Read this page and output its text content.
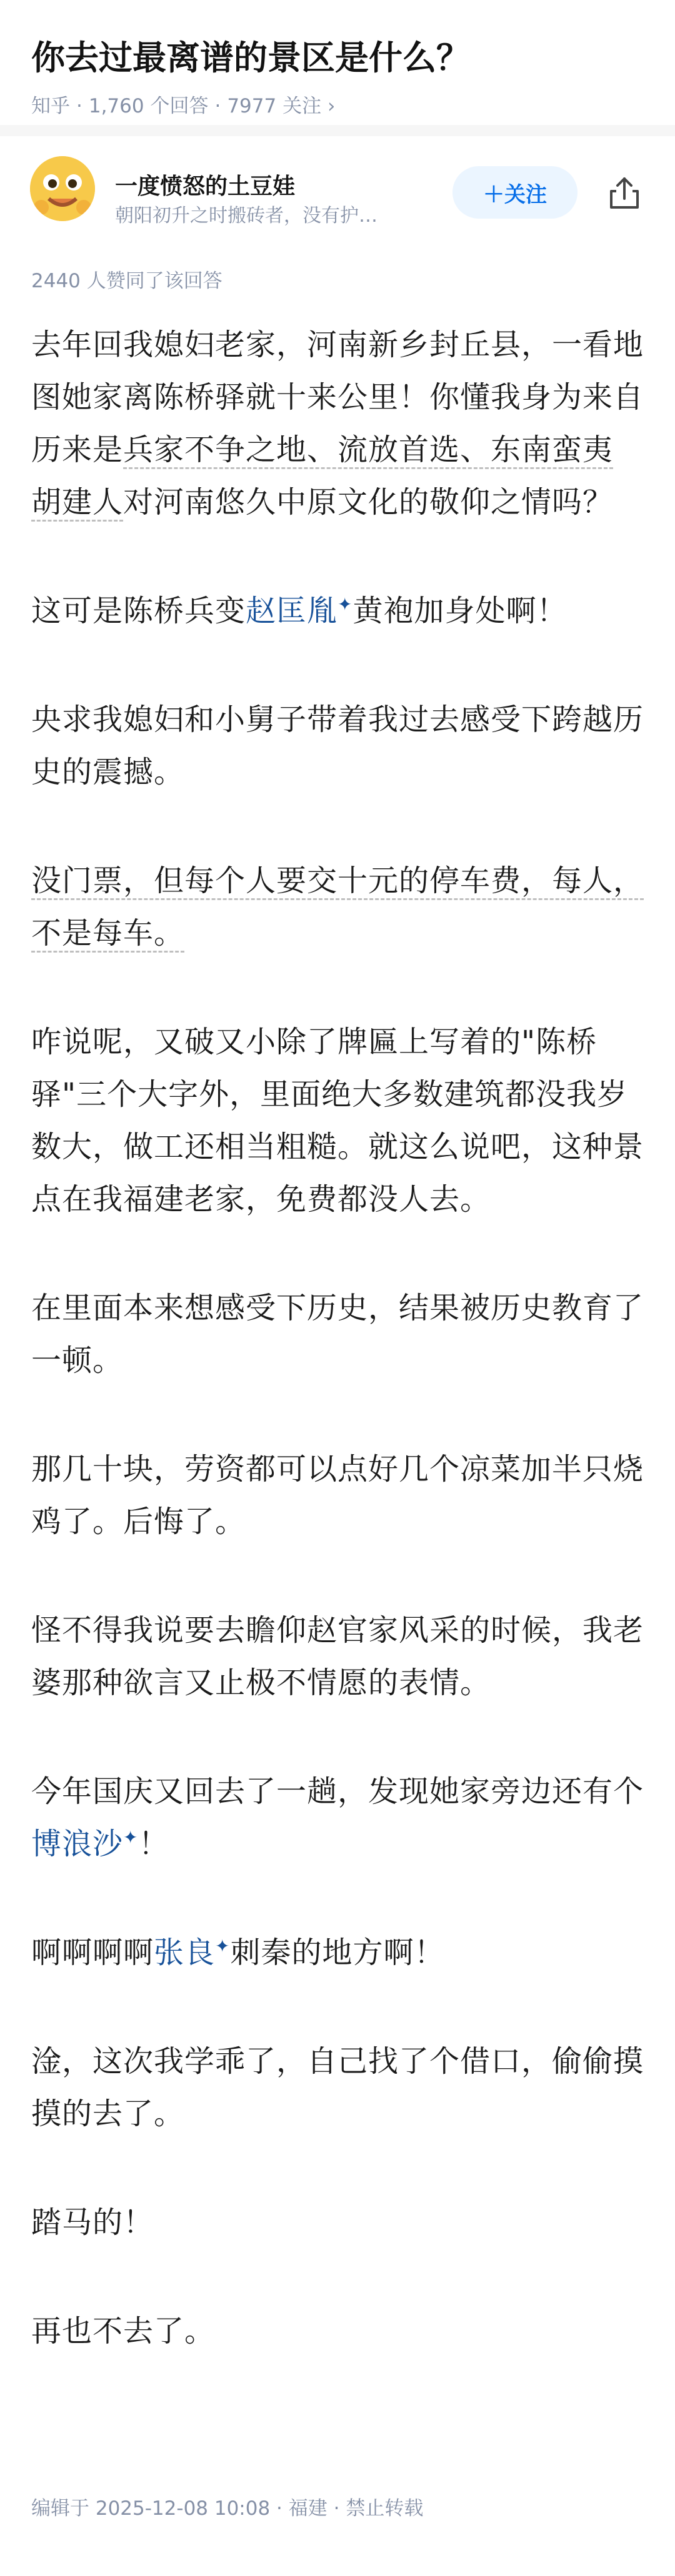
你去过最离谱的景区是什么？
知乎 · 1,760 个回答 · 7977 关注 ›
一度愤怒的土豆娃
朝阳初升之时搬砖者，没有护…
＋关注
2440 人赞同了该回答

去年回我媳妇老家，河南新乡封丘县，一看地图她家离陈桥驿就十来公里！你懂我身为来自历来是兵家不争之地、流放首选、东南蛮夷胡建人对河南悠久中原文化的敬仰之情吗？

这可是陈桥兵变赵匡胤✦黄袍加身处啊！

央求我媳妇和小舅子带着我过去感受下跨越历史的震撼。

没门票，但每个人要交十元的停车费，每人，不是每车。

咋说呢，又破又小除了牌匾上写着的"陈桥驿"三个大字外，里面绝大多数建筑都没我岁数大，做工还相当粗糙。就这么说吧，这种景点在我福建老家，免费都没人去。

在里面本来想感受下历史，结果被历史教育了一顿。

那几十块，劳资都可以点好几个凉菜加半只烧鸡了。后悔了。

怪不得我说要去瞻仰赵官家风采的时候，我老婆那种欲言又止极不情愿的表情。

今年国庆又回去了一趟，发现她家旁边还有个博浪沙✦！

啊啊啊啊张良✦刺秦的地方啊！

淦，这次我学乖了，自己找了个借口，偷偷摸摸的去了。

踏马的！

再也不去了。

编辑于 2025-12-08 10:08 · 福建 · 禁止转载
